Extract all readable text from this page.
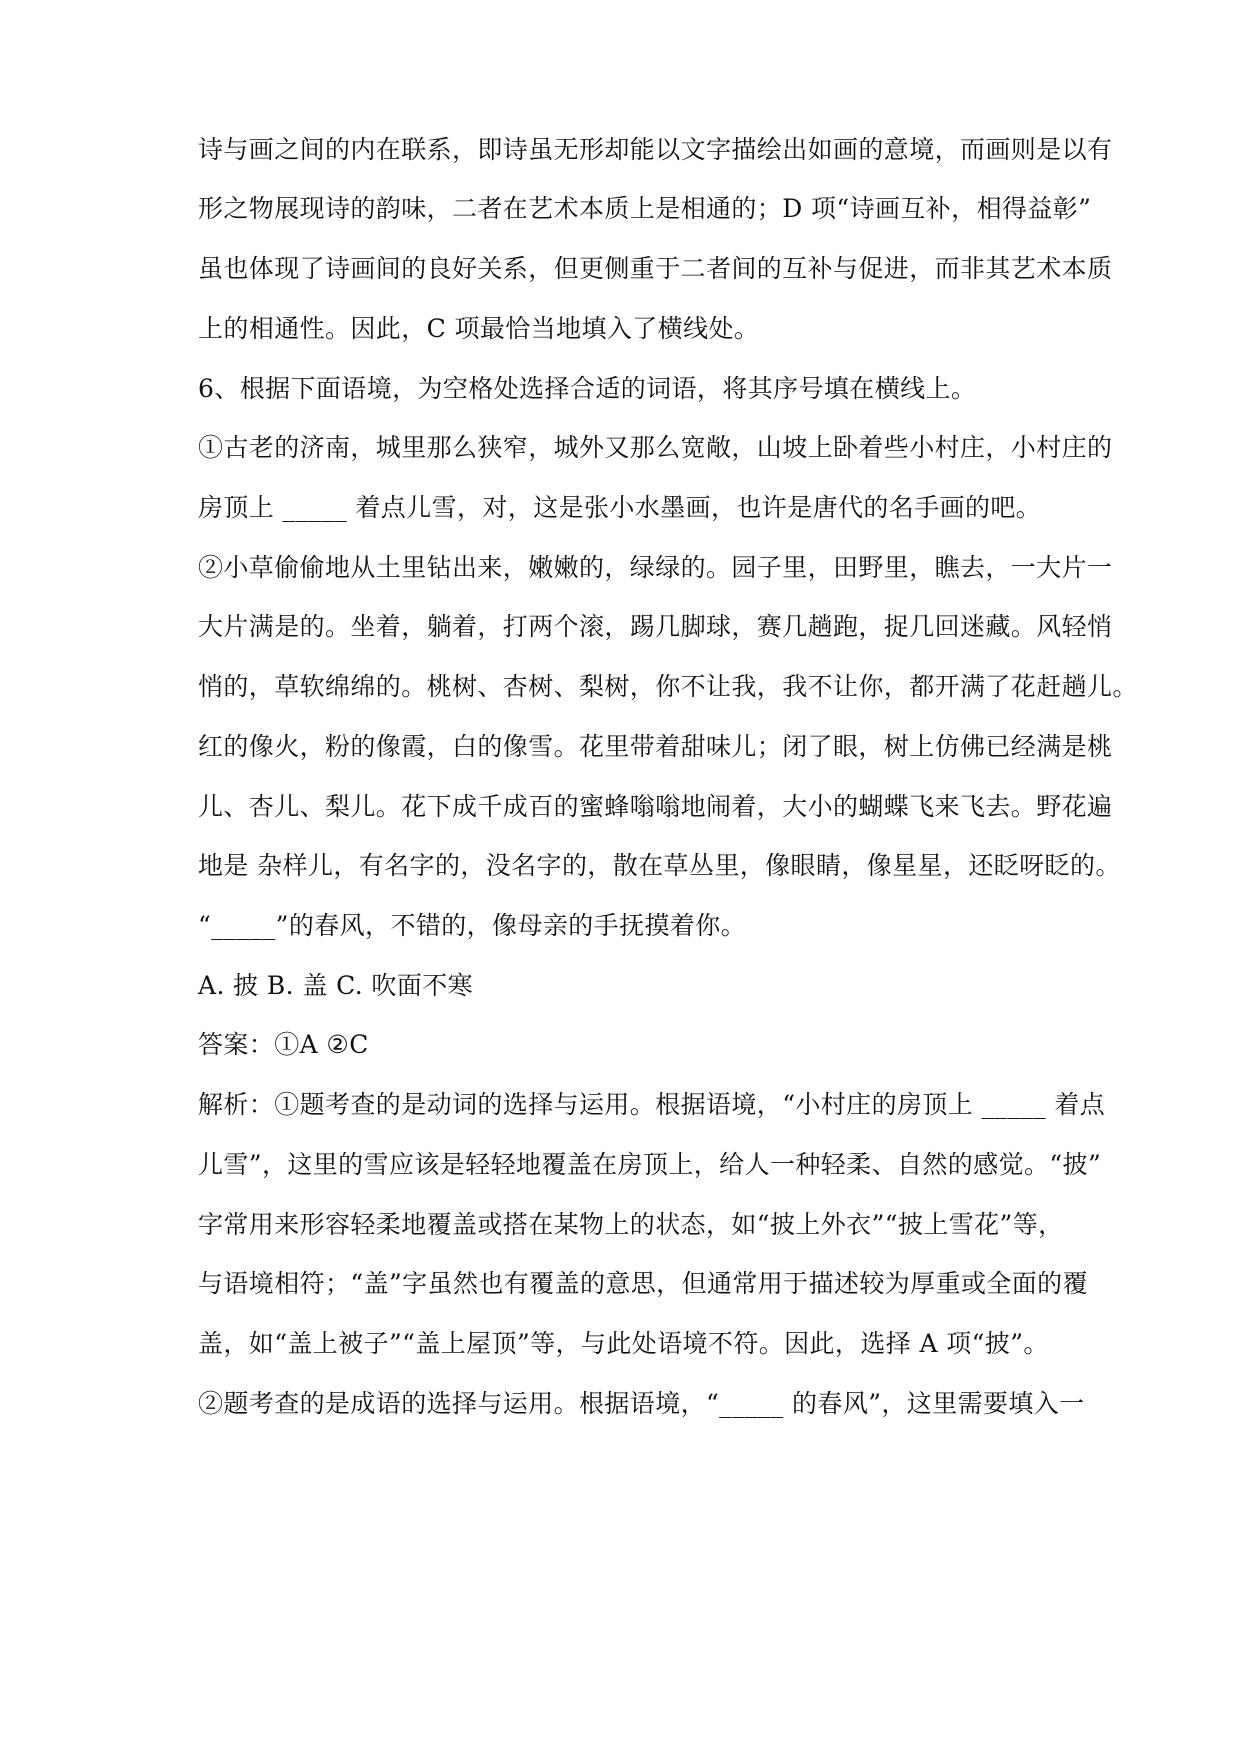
诗与画之间的内在联系，即诗虽无形却能以文字描绘出如画的意境，而画则是以有
形之物展现诗的韵味，二者在艺术本质上是相通的；D 项“诗画互补，相得益彰”
虽也体现了诗画间的良好关系，但更侧重于二者间的互补与促进，而非其艺术本质
上的相通性。因此，C 项最恰当地填入了横线处。
6、根据下面语境，为空格处选择合适的词语，将其序号填在横线上。
①古老的济南，城里那么狭窄，城外又那么宽敞，山坡上卧着些小村庄，小村庄的
房顶上 _____ 着点儿雪，对，这是张小水墨画，也许是唐代的名手画的吧。
②小草偷偷地从土里钻出来，嫩嫩的，绿绿的。园子里，田野里，瞧去，一大片一
大片满是的。坐着，躺着，打两个滚，踢几脚球，赛几趟跑，捉几回迷藏。风轻悄
悄的，草软绵绵的。桃树、杏树、梨树，你不让我，我不让你，都开满了花赶趟儿。
红的像火，粉的像霞，白的像雪。花里带着甜味儿；闭了眼，树上仿佛已经满是桃
儿、杏儿、梨儿。花下成千成百的蜜蜂嗡嗡地闹着，大小的蝴蝶飞来飞去。野花遍
地是 杂样儿，有名字的，没名字的，散在草丛里，像眼睛，像星星，还眨呀眨的。
“_____”的春风，不错的，像母亲的手抚摸着你。
A. 披 B. 盖 C. 吹面不寒
答案：①A ②C
解析：①题考查的是动词的选择与运用。根据语境，“小村庄的房顶上 _____ 着点
儿雪”，这里的雪应该是轻轻地覆盖在房顶上，给人一种轻柔、自然的感觉。“披”
字常用来形容轻柔地覆盖或搭在某物上的状态，如“披上外衣”“披上雪花”等，
与语境相符；“盖”字虽然也有覆盖的意思，但通常用于描述较为厚重或全面的覆
盖，如“盖上被子”“盖上屋顶”等，与此处语境不符。因此，选择 A 项“披”。
②题考查的是成语的选择与运用。根据语境，“_____ 的春风”，这里需要填入一
